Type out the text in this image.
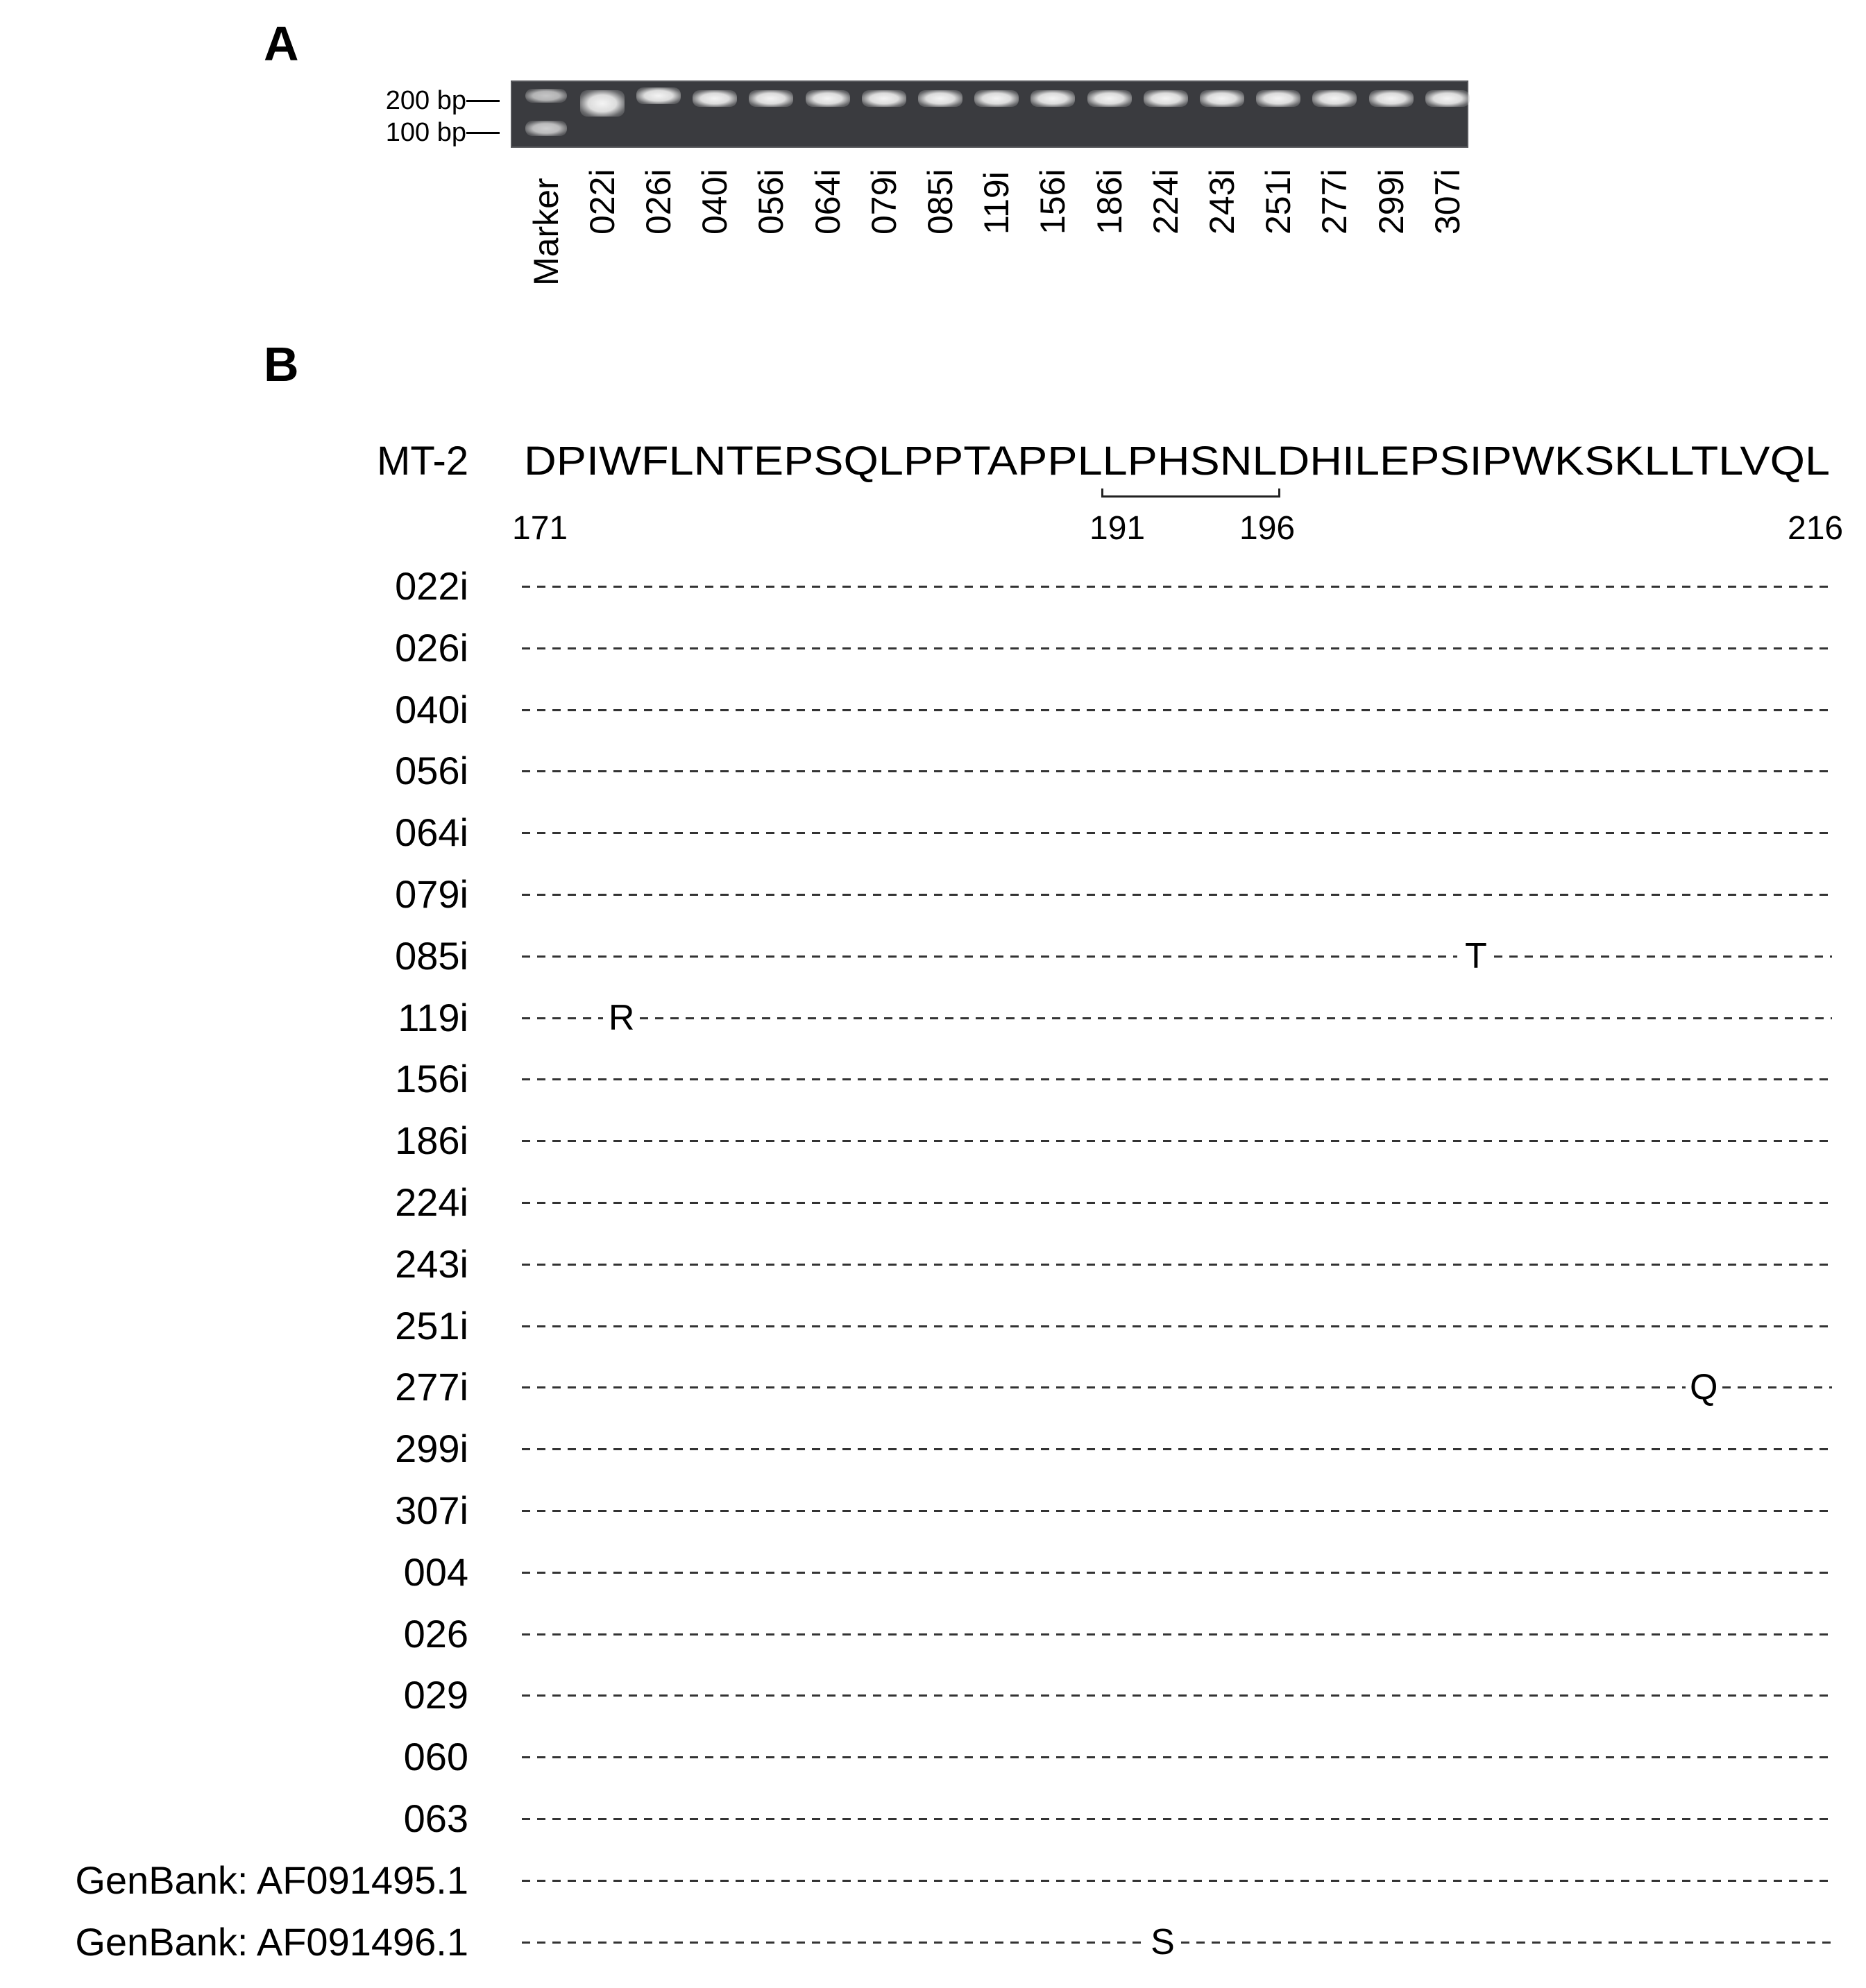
A
200 bp
100 bp
Marker 022i 026i 040i 056i 064i 079i 085i 119i 156i 186i 224i 243i 251i 277i 299i 307i
B
MT-2 DPIWFLNTEPSQLPPTAPPLLPHSNLDHILEPSIPWKSKLLTLVQL
171	191	196	216
022i
026i
040i
056i
064i
079i
085i	T
119i	R
156i
186i
224i
243i
251i
277i	Q
299i
307i
004
026
029
060
063
GenBank: AF091495.1
GenBank: AF091496.1	S
